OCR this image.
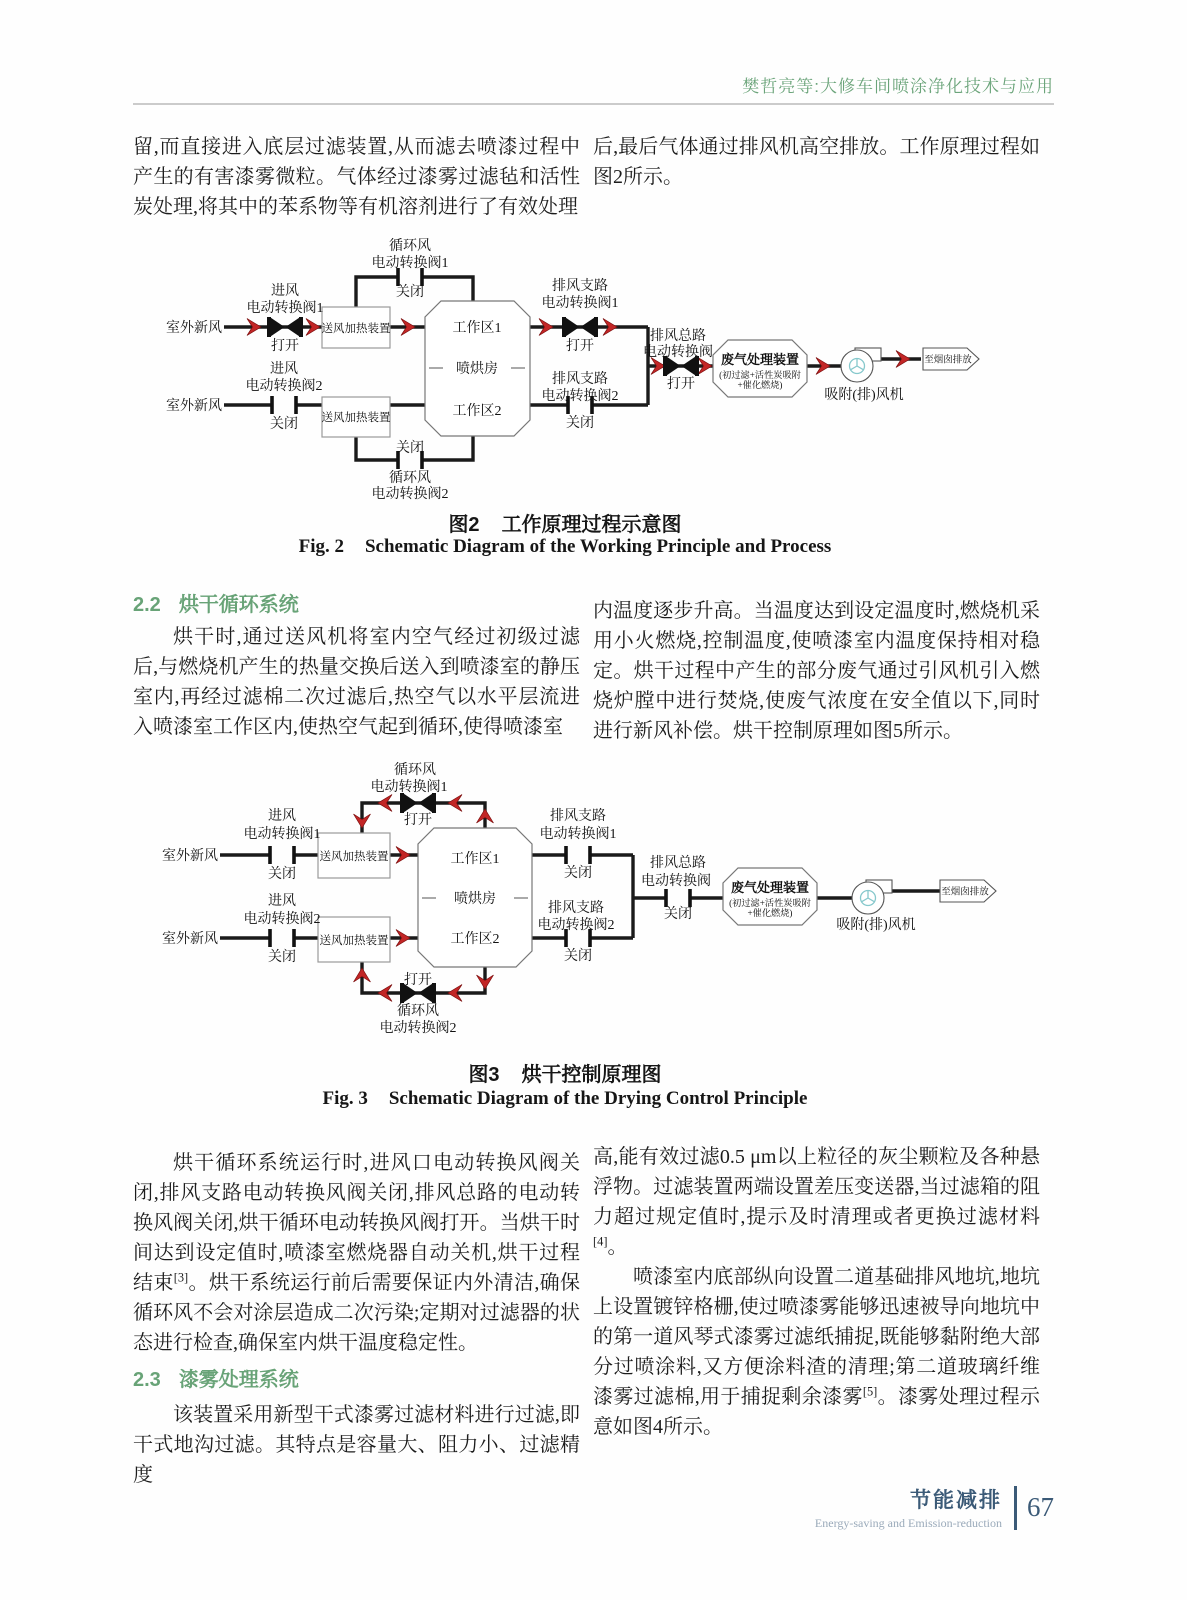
樊哲亮等:大修车间喷涂净化技术与应用

留,而直接进入底层过滤装置,从而滤去喷漆过程中产生的有害漆雾微粒。气体经过漆雾过滤毡和活性炭处理,将其中的苯系物等有机溶剂进行了有效处理

后,最后气体通过排风机高空排放。工作原理过程如图2所示。

至烟囱排放
室外新风
室外新风
进风
电动转换阀1
打开
进风
电动转换阀2
关闭
循环风
电动转换阀1
关闭
关闭
循环风
电动转换阀2
送风加热装置
送风加热装置
工作区1
喷烘房
工作区2
排风支路
电动转换阀1
打开
排风支路
电动转换阀2
关闭
排风总路
电动转换阀
打开
废气处理装置
(初过滤+活性炭吸附
+催化燃烧)
吸附(排)风机
图2 工作原理过程示意图
Fig. 2 Schematic Diagram of the Working Principle and Process
2.2 烘干循环系统

烘干时,通过送风机将室内空气经过初级过滤后,与燃烧机产生的热量交换后送入到喷漆室的静压室内,再经过滤棉二次过滤后,热空气以水平层流进入喷漆室工作区内,使热空气起到循环,使得喷漆室

内温度逐步升高。当温度达到设定温度时,燃烧机采用小火燃烧,控制温度,使喷漆室内温度保持相对稳定。烘干过程中产生的部分废气通过引风机引入燃烧炉膛中进行焚烧,使废气浓度在安全值以下,同时进行新风补偿。烘干控制原理如图5所示。

至烟囱排放
室外新风
室外新风
进风
电动转换阀1
关闭
进风
电动转换阀2
关闭
循环风
电动转换阀1
打开
打开
循环风
电动转换阀2
送风加热装置
送风加热装置
工作区1
喷烘房
工作区2
排风支路
电动转换阀1
关闭
排风支路
电动转换阀2
关闭
排风总路
电动转换阀
关闭
废气处理装置
(初过滤+活性炭吸附
+催化燃烧)
吸附(排)风机
图3 烘干控制原理图
Fig. 3 Schematic Diagram of the Drying Control Principle

烘干循环系统运行时,进风口电动转换风阀关闭,排风支路电动转换风阀关闭,排风总路的电动转换风阀关闭,烘干循环电动转换风阀打开。当烘干时间达到设定值时,喷漆室燃烧器自动关机,烘干过程结束[3]。烘干系统运行前后需要保证内外清洁,确保循环风不会对涂层造成二次污染;定期对过滤器的状态进行检查,确保室内烘干温度稳定性。

2.3 漆雾处理系统

该装置采用新型干式漆雾过滤材料进行过滤,即干式地沟过滤。其特点是容量大、阻力小、过滤精度

高,能有效过滤0.5 μm以上粒径的灰尘颗粒及各种悬浮物。过滤装置两端设置差压变送器,当过滤箱的阻力超过规定值时,提示及时清理或者更换过滤材料[4]。

喷漆室内底部纵向设置二道基础排风地坑,地坑上设置镀锌格栅,使过喷漆雾能够迅速被导向地坑中的第一道风琴式漆雾过滤纸捕捉,既能够黏附绝大部分过喷涂料,又方便涂料渣的清理;第二道玻璃纤维漆雾过滤棉,用于捕捉剩余漆雾[5]。漆雾处理过程示意如图4所示。

节能减排
Energy-saving and Emission-reduction
67
